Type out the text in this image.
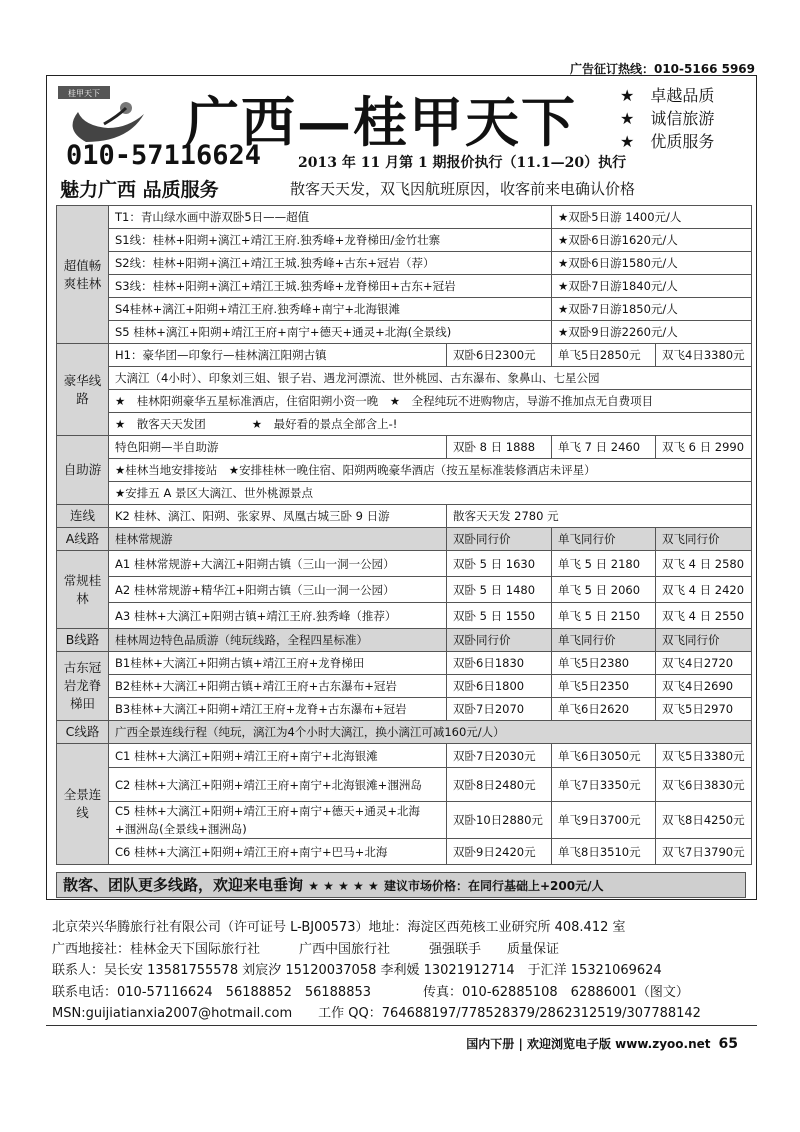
广告征订热线：010-5166 5969
桂甲天下 广西—桂甲天下	★ 卓越品质
★ 诚信旅游
★ 优质服务
010-57116624	2013 年 11 月第 1 期报价执行（11.1—20）执行
魅力广西 品质服务	散客天天发，双飞因航班原因，收客前来电确认价格
超值畅爽桂林	T1：青山绿水画中游双卧5日——超值		★双卧5日游 1400元/人	
	S1线：桂林+阳朔+漓江+靖江王府.独秀峰+龙脊梯田/金竹壮寨		★双卧6日游1620元/人	
	S2线：桂林+阳朔+漓江+靖江王城.独秀峰+古东+冠岩（荐）		★双卧6日游1580元/人	
	S3线：桂林+阳朔+漓江+靖江王城.独秀峰+龙脊梯田+古东+冠岩		★双卧7日游1840元/人	
	S4桂林+漓江+阳朔+靖江王府.独秀峰+南宁+北海银滩		★双卧7日游1850元/人	
	S5 桂林+漓江+阳朔+靖江王府+南宁+德天+通灵+北海(全景线)		★双卧9日游2260元/人	
豪华线路	H1：豪华团—印象行—桂林漓江阳朔古镇	双卧6日2300元	单飞5日2850元	双飞4日3380元
	大漓江（4小时）、印象刘三姐、银子岩、遇龙河漂流、世外桃园、古东瀑布、象鼻山、七星公园			
	★　桂林阳朔豪华五星标准酒店，住宿阳朔小资一晚　★　全程纯玩不进购物店，导游不推加点无自费项目			
	★　散客天天发团　　　　★　最好看的景点全部含上-!			
自助游	特色阳朔—半自助游	双卧 8 日 1888	单飞 7 日 2460	双飞 6 日 2990
	★桂林当地安排接站　★安排桂林一晚住宿、阳朔两晚豪华酒店（按五星标准装修酒店未评星）			
	★安排五 A 景区大漓江、世外桃源景点			
连线	K2 桂林、漓江、阳朔、张家界、凤凰古城三卧 9 日游	散客天天发 2780 元		
A线路	桂林常规游	双卧同行价	单飞同行价	双飞同行价
常规桂林	A1 桂林常规游+大漓江+阳朔古镇（三山一洞一公园）	双卧 5 日 1630	单飞 5 日 2180	双飞 4 日 2580
	A2 桂林常规游+精华江+阳朔古镇（三山一洞一公园）	双卧 5 日 1480	单飞 5 日 2060	双飞 4 日 2420
	A3 桂林+大漓江+阳朔古镇+靖江王府.独秀峰（推荐）	双卧 5 日 1550	单飞 5 日 2150	双飞 4 日 2550
B线路	桂林周边特色品质游（纯玩线路，全程四星标准）	双卧同行价	单飞同行价	双飞同行价
古东冠岩龙脊梯田	B1桂林+大漓江+阳朔古镇+靖江王府+龙脊梯田	双卧6日1830	单飞5日2380	双飞4日2720
	B2桂林+大漓江+阳朔古镇+靖江王府+古东瀑布+冠岩	双卧6日1800	单飞5日2350	双飞4日2690
	B3桂林+大漓江+阳朔+靖江王府+龙脊+古东瀑布+冠岩	双卧7日2070	单飞6日2620	双飞5日2970
C线路	广西全景连线行程（纯玩，漓江为4个小时大漓江，换小漓江可减160元/人）			
全景连线	C1 桂林+大漓江+阳朔+靖江王府+南宁+北海银滩	双卧7日2030元	单飞6日3050元	双飞5日3380元
	C2 桂林+大漓江+阳朔+靖江王府+南宁+北海银滩+涠洲岛	双卧8日2480元	单飞7日3350元	双飞6日3830元
	C5 桂林+大漓江+阳朔+靖江王府+南宁+德天+通灵+北海+涠洲岛(全景线+涠洲岛)	双卧10日2880元	单飞9日3700元	双飞8日4250元
	C6 桂林+大漓江+阳朔+靖江王府+南宁+巴马+北海	双卧9日2420元	单飞8日3510元	双飞7日3790元
散客、团队更多线路，欢迎来电垂询 ★ ★ ★ ★ ★ 建议市场价格：在同行基础上+200元/人
北京荣兴华腾旅行社有限公司（许可证号 L-BJ00573）地址：海淀区西苑核工业研究所 408.412 室
广西地接社：桂林金天下国际旅行社　　　广西中国旅行社　　　强强联手　　质量保证
联系人：吴长安 13581755578 刘宸汐 15120037058 李利媛 13021912714　于汇洋 15321069624
联系电话：010-57116624　56188852　56188853　　　　传真：010-62885108　62886001（图文）
MSN:guijiatianxia2007@hotmail.com　　工作 QQ：764688197/778528379/2862312519/307788142
国内下册 | 欢迎浏览电子版 www.zyoo.net 65
